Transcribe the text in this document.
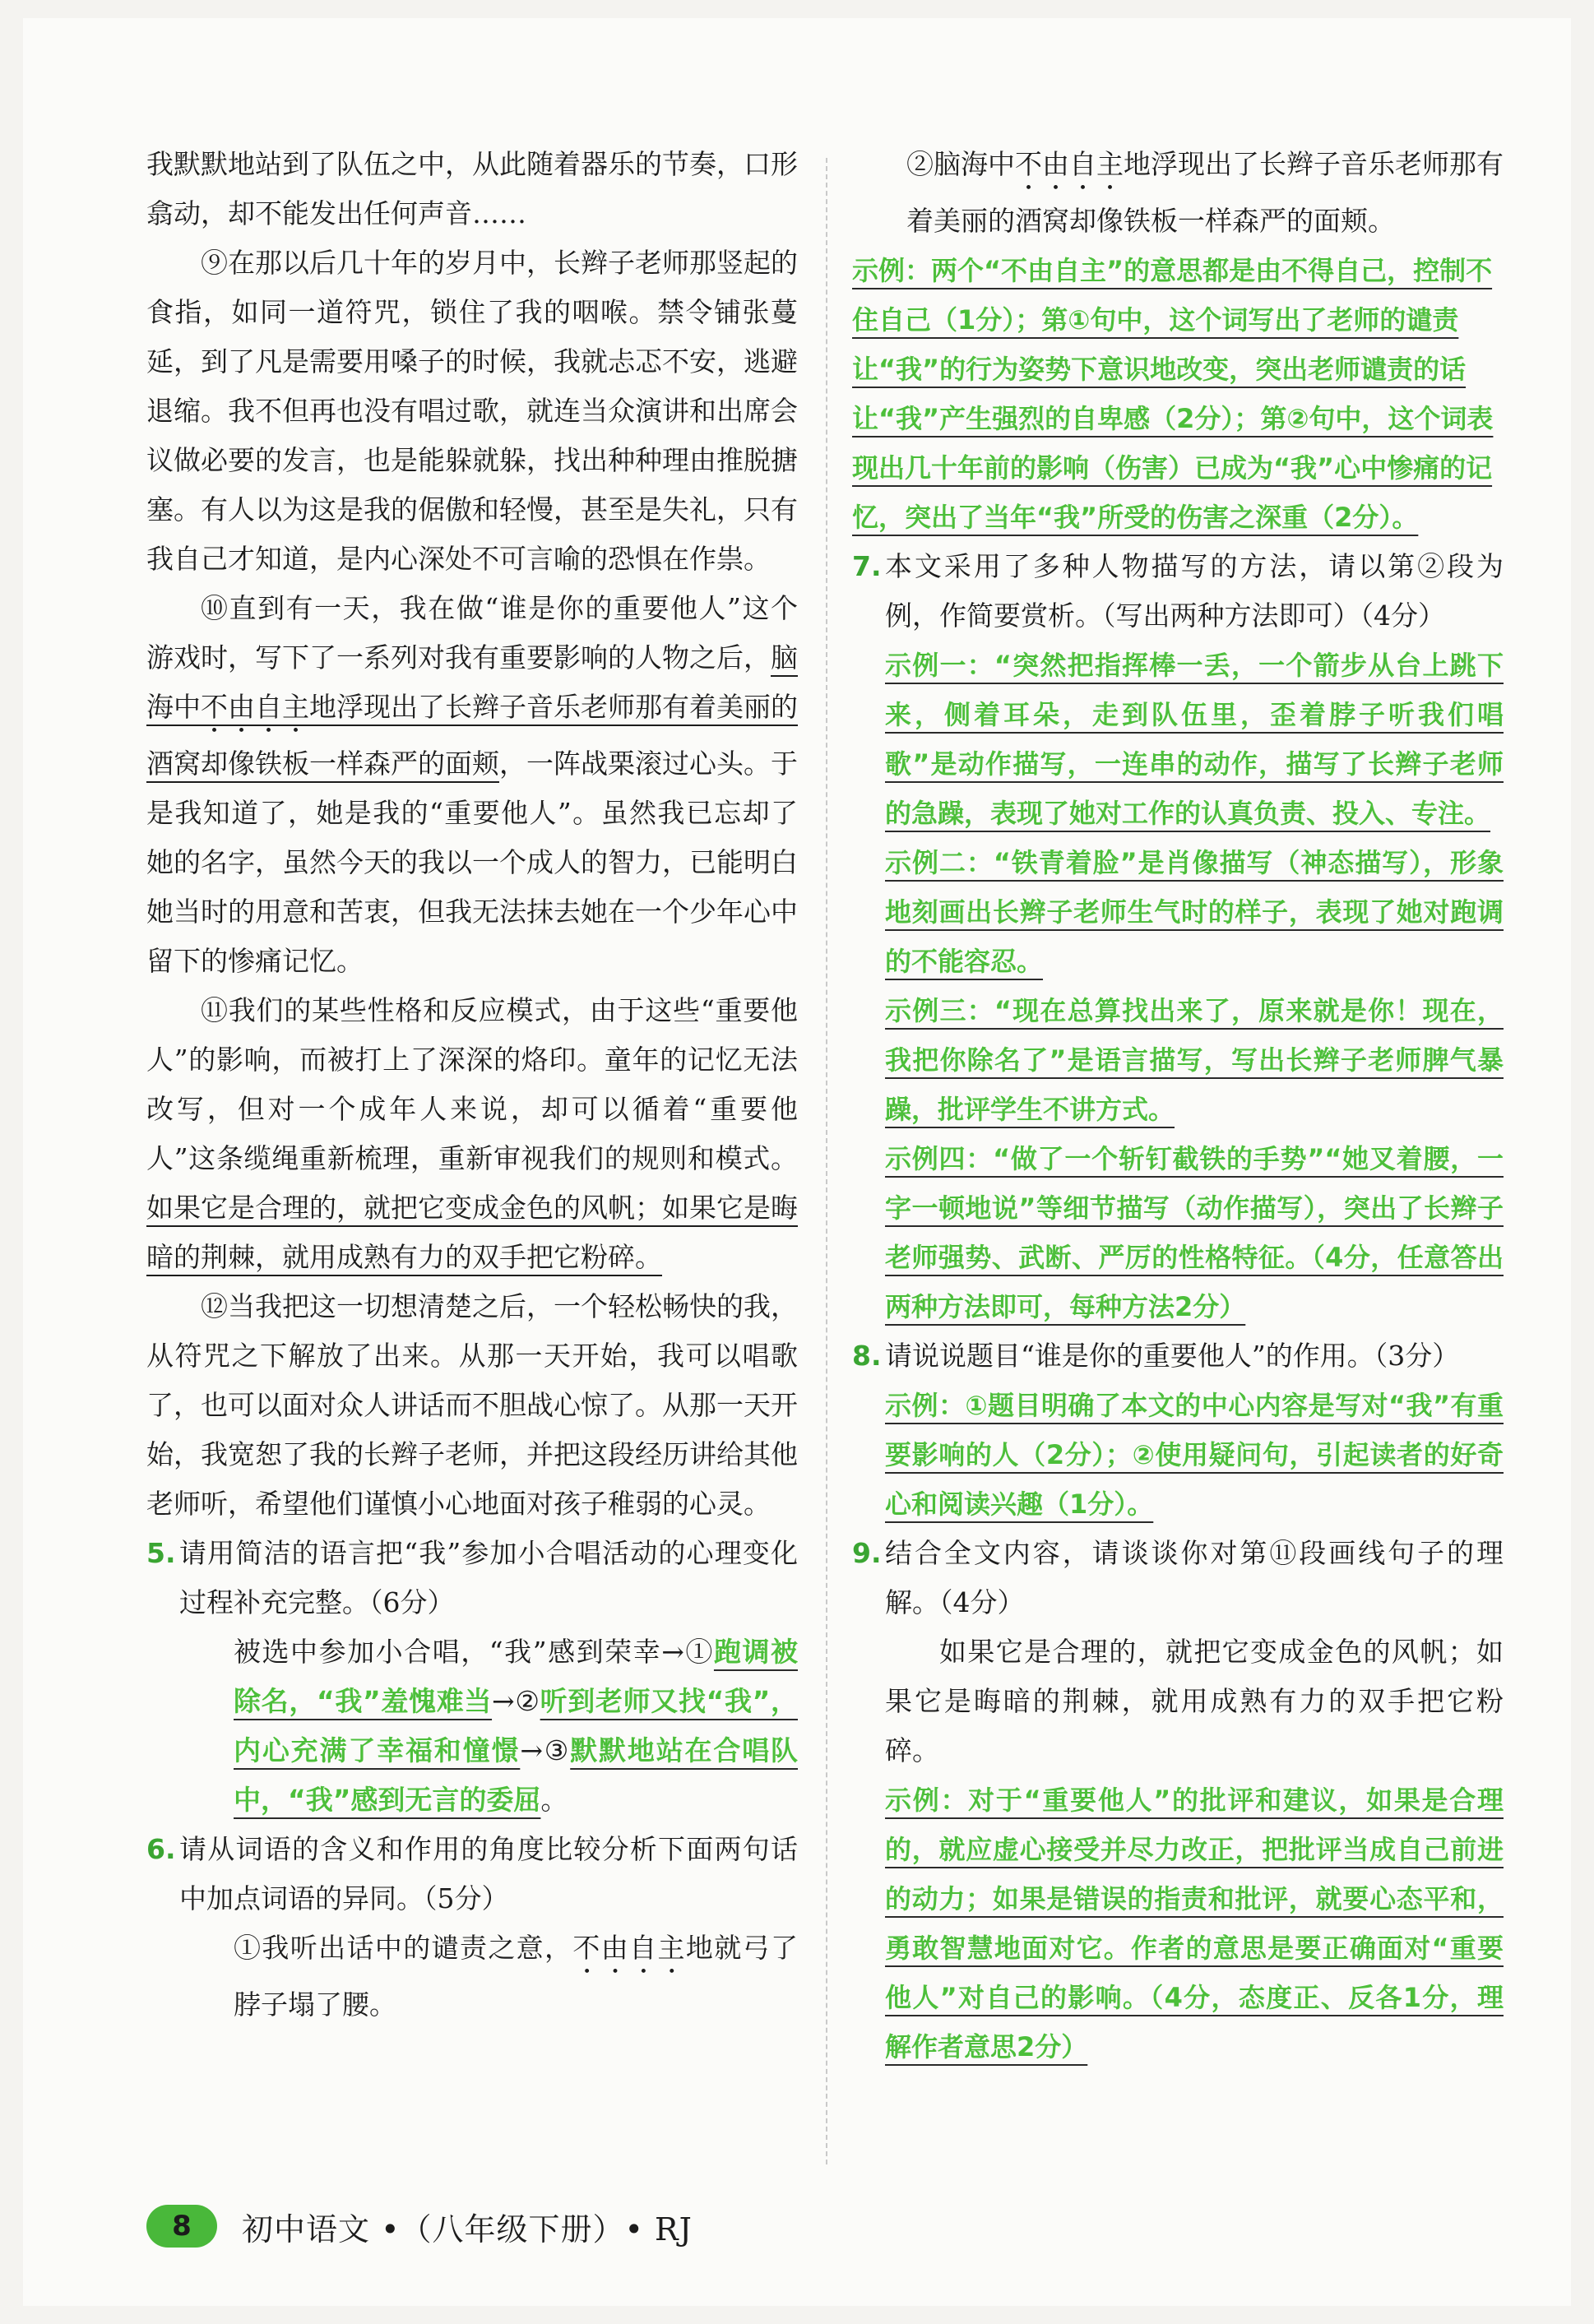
我默默地站到了队伍之中，从此随着器乐的节奏，口形翕动，却不能发出任何声音……

⑨在那以后几十年的岁月中，长辫子老师那竖起的食指，如同一道符咒，锁住了我的咽喉。禁令铺张蔓延，到了凡是需要用嗓子的时候，我就忐忑不安，逃避退缩。我不但再也没有唱过歌，就连当众演讲和出席会议做必要的发言，也是能躲就躲，找出种种理由推脱搪塞。有人以为这是我的倨傲和轻慢，甚至是失礼，只有我自己才知道，是内心深处不可言喻的恐惧在作祟。

⑩直到有一天，我在做“谁是你的重要他人”这个游戏时，写下了一系列对我有重要影响的人物之后，脑海中不由自主地浮现出了长辫子音乐老师那有着美丽的酒窝却像铁板一样森严的面颊，一阵战栗滚过心头。于是我知道了，她是我的“重要他人”。虽然我已忘却了她的名字，虽然今天的我以一个成人的智力，已能明白她当时的用意和苦衷，但我无法抹去她在一个少年心中留下的惨痛记忆。

⑪我们的某些性格和反应模式，由于这些“重要他人”的影响，而被打上了深深的烙印。童年的记忆无法改写，但对一个成年人来说，却可以循着“重要他人”这条缆绳重新梳理，重新审视我们的规则和模式。如果它是合理的，就把它变成金色的风帆；如果它是晦暗的荆棘，就用成熟有力的双手把它粉碎。

⑫当我把这一切想清楚之后，一个轻松畅快的我，从符咒之下解放了出来。从那一天开始，我可以唱歌了，也可以面对众人讲话而不胆战心惊了。从那一天开始，我宽恕了我的长辫子老师，并把这段经历讲给其他老师听，希望他们谨慎小心地面对孩子稚弱的心灵。

5. 请用简洁的语言把“我”参加小合唱活动的心理变化过程补充完整。（6分）

被选中参加小合唱，“我”感到荣幸→①跑调被除名，“我”羞愧难当→②听到老师又找“我”，内心充满了幸福和憧憬→③默默地站在合唱队中，“我”感到无言的委屈。

6. 请从词语的含义和作用的角度比较分析下面两句话中加点词语的异同。（5分）

①我听出话中的谴责之意，不由自主地就弓了脖子塌了腰。

②脑海中不由自主地浮现出了长辫子音乐老师那有着美丽的酒窝却像铁板一样森严的面颊。

示例：两个“不由自主”的意思都是由不得自己，控制不住自己（1分）；第①句中，这个词写出了老师的谴责让“我”的行为姿势下意识地改变，突出老师谴责的话让“我”产生强烈的自卑感（2分）；第②句中，这个词表现出几十年前的影响（伤害）已成为“我”心中惨痛的记忆，突出了当年“我”所受的伤害之深重（2分）。

7. 本文采用了多种人物描写的方法，请以第②段为例，作简要赏析。（写出两种方法即可）（4分）

示例一：“突然把指挥棒一丢，一个箭步从台上跳下来，侧着耳朵，走到队伍里，歪着脖子听我们唱歌”是动作描写，一连串的动作，描写了长辫子老师的急躁，表现了她对工作的认真负责、投入、专注。

示例二：“铁青着脸”是肖像描写（神态描写），形象地刻画出长辫子老师生气时的样子，表现了她对跑调的不能容忍。

示例三：“现在总算找出来了，原来就是你！现在，我把你除名了”是语言描写，写出长辫子老师脾气暴躁，批评学生不讲方式。

示例四：“做了一个斩钉截铁的手势”“她叉着腰，一字一顿地说”等细节描写（动作描写），突出了长辫子老师强势、武断、严厉的性格特征。（4分，任意答出两种方法即可，每种方法2分）

8. 请说说题目“谁是你的重要他人”的作用。（3分）

示例：①题目明确了本文的中心内容是写对“我”有重要影响的人（2分）；②使用疑问句，引起读者的好奇心和阅读兴趣（1分）。

9. 结合全文内容，请谈谈你对第⑪段画线句子的理解。（4分）

如果它是合理的，就把它变成金色的风帆；如果它是晦暗的荆棘，就用成熟有力的双手把它粉碎。

示例：对于“重要他人”的批评和建议，如果是合理的，就应虚心接受并尽力改正，把批评当成自己前进的动力；如果是错误的指责和批评，就要心态平和，勇敢智慧地面对它。作者的意思是要正确面对“重要他人”对自己的影响。（4分，态度正、反各1分，理解作者意思2分）

8	初中语文 •（八年级下册）• RJ
